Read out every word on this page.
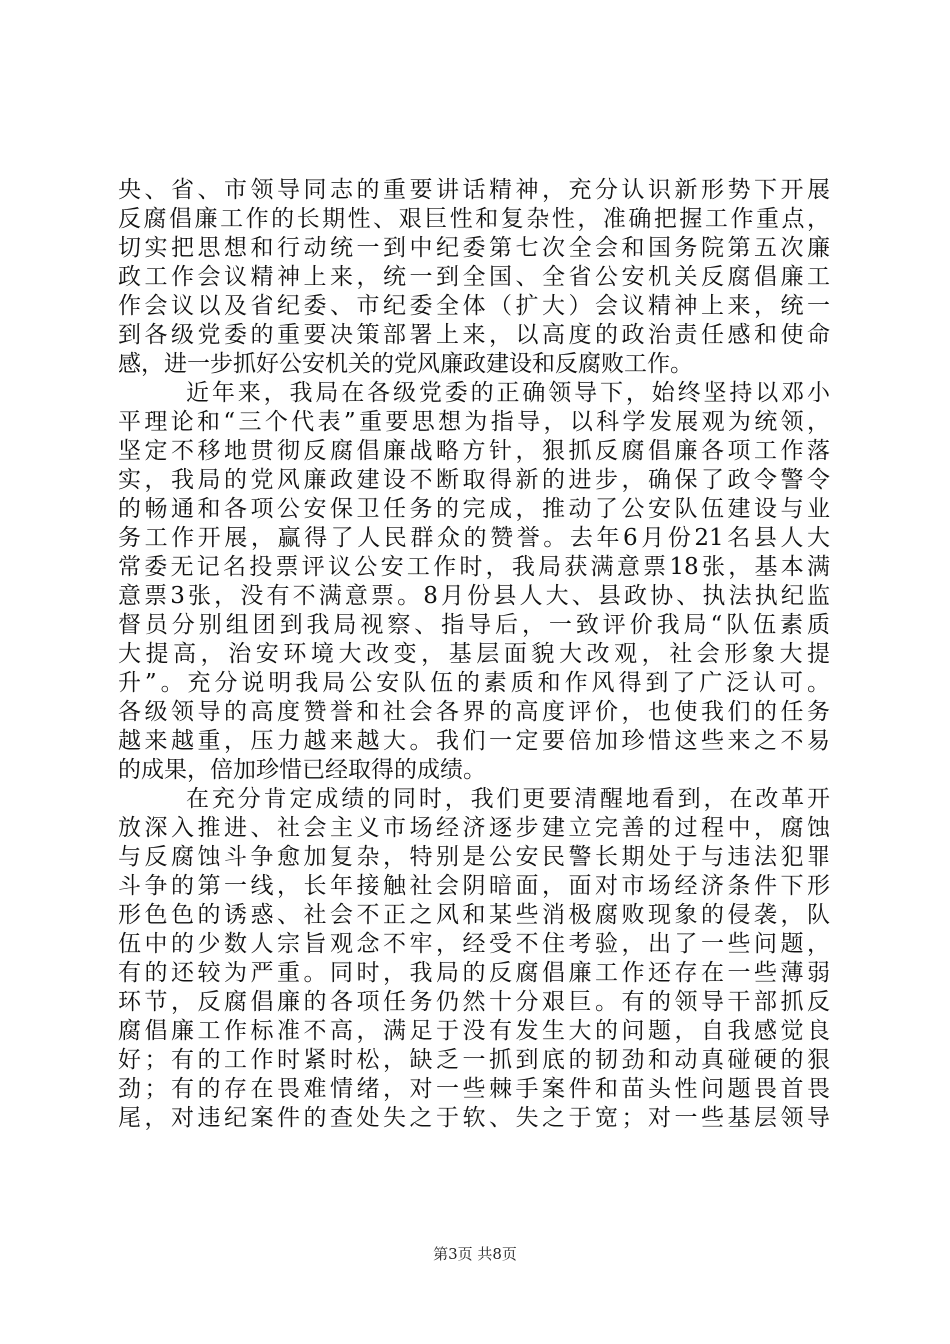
央、省、市领导同志的重要讲话精神，充分认识新形势下开展
反腐倡廉工作的长期性、艰巨性和复杂性，准确把握工作重点，
切实把思想和行动统一到中纪委第七次全会和国务院第五次廉
政工作会议精神上来，统一到全国、全省公安机关反腐倡廉工
作会议以及省纪委、市纪委全体（扩大）会议精神上来，统一
到各级党委的重要决策部署上来，以高度的政治责任感和使命
感，进一步抓好公安机关的党风廉政建设和反腐败工作。
近年来，我局在各级党委的正确领导下，始终坚持以邓小
平理论和“三个代表”重要思想为指导，以科学发展观为统领，
坚定不移地贯彻反腐倡廉战略方针，狠抓反腐倡廉各项工作落
实，我局的党风廉政建设不断取得新的进步，确保了政令警令
的畅通和各项公安保卫任务的完成，推动了公安队伍建设与业
务工作开展，赢得了人民群众的赞誉。去年6月份21名县人大
常委无记名投票评议公安工作时，我局获满意票18张，基本满
意票3张，没有不满意票。8月份县人大、县政协、执法执纪监
督员分别组团到我局视察、指导后，一致评价我局“队伍素质
大提高，治安环境大改变，基层面貌大改观，社会形象大提
升”。充分说明我局公安队伍的素质和作风得到了广泛认可。
各级领导的高度赞誉和社会各界的高度评价，也使我们的任务
越来越重，压力越来越大。我们一定要倍加珍惜这些来之不易
的成果，倍加珍惜已经取得的成绩。
在充分肯定成绩的同时，我们更要清醒地看到，在改革开
放深入推进、社会主义市场经济逐步建立完善的过程中，腐蚀
与反腐蚀斗争愈加复杂，特别是公安民警长期处于与违法犯罪
斗争的第一线，长年接触社会阴暗面，面对市场经济条件下形
形色色的诱惑、社会不正之风和某些消极腐败现象的侵袭，队
伍中的少数人宗旨观念不牢，经受不住考验，出了一些问题，
有的还较为严重。同时，我局的反腐倡廉工作还存在一些薄弱
环节，反腐倡廉的各项任务仍然十分艰巨。有的领导干部抓反
腐倡廉工作标准不高，满足于没有发生大的问题，自我感觉良
好；有的工作时紧时松，缺乏一抓到底的韧劲和动真碰硬的狠
劲；有的存在畏难情绪，对一些棘手案件和苗头性问题畏首畏
尾，对违纪案件的查处失之于软、失之于宽；对一些基层领导
第3页 共8页
